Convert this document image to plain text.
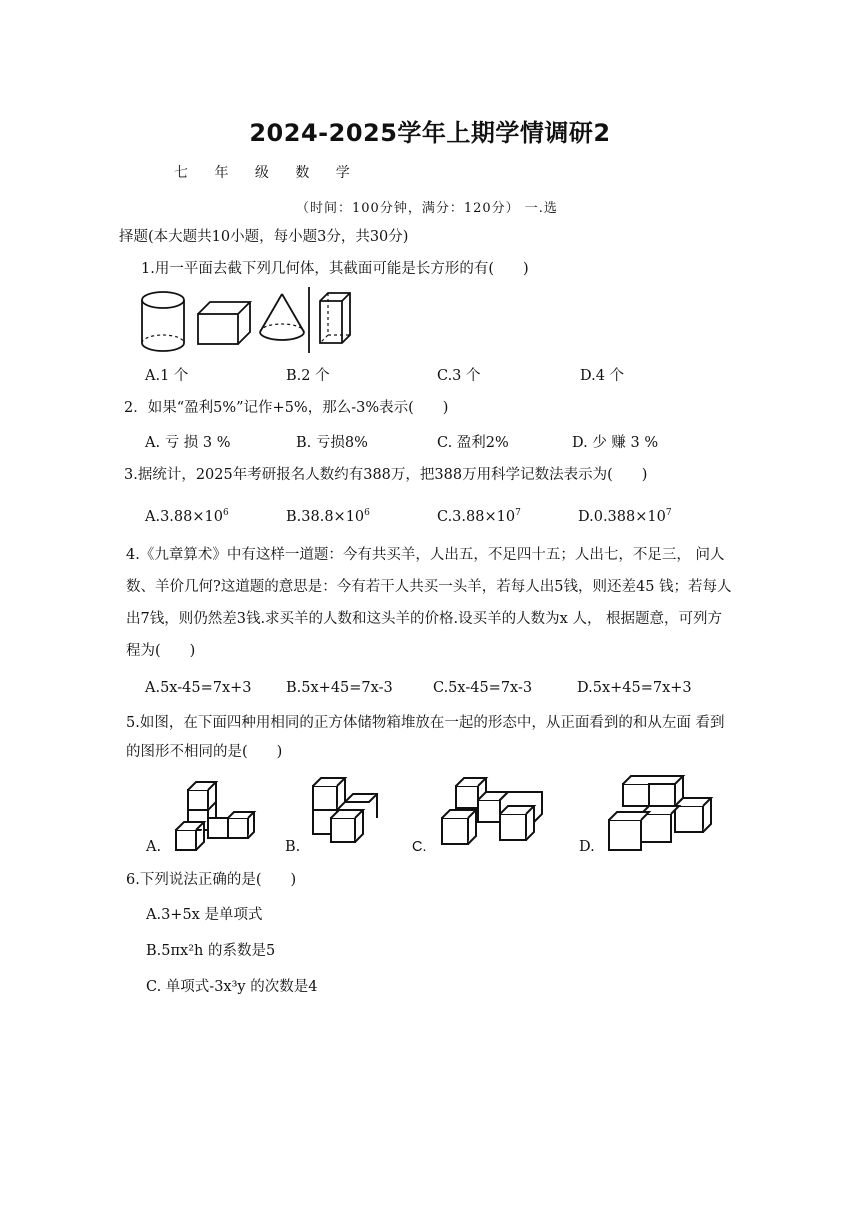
2024-2025学年上期学情调研2
七 年 级 数 学
（时间：100分钟，满分：120分） 一.选
择题(本大题共10小题，每小题3分，共30分)
1.用一平面去截下列几何体，其截面可能是长方形的有(　　)
A.1 个	B.2 个	C.3 个	D.4 个
2．如果“盈利5%”记作+5%，那么-3%表示(　　)
A. 亏 损 3 %	B. 亏损8%	C. 盈利2%	D. 少 赚 3 %
3.据统计，2025年考研报名人数约有388万，把388万用科学记数法表示为(　　)
$A.3.88\times 10^6$	$B.38.8\times 10^6$	$C.3.88\times 10^7$	$D.0.388\times 10^7$
4.《九章算术》中有这样一道题：今有共买羊，人出五，不足四十五；人出七，不足三， 问人
数、羊价几何?这道题的意思是：今有若干人共买一头羊，若每人出5钱，则还差45 钱；若每人
出7钱，则仍然差3钱.求买羊的人数和这头羊的价格.设买羊的人数为x 人， 根据题意，可列方
程为(　　)
A.5x-45=7x+3 B.5x+45=7x-3	C.5x-45=7x-3	D.5x+45=7x+3
5.如图，在下面四种用相同的正方体储物箱堆放在一起的形态中，从正面看到的和从左面 看到
的图形不相同的是(　　)
A.	B.	C.	D.
6.下列说法正确的是(　　)
A.3+5x 是单项式
B.5πx²h 的系数是5
C. 单项式-3x³y 的次数是4
